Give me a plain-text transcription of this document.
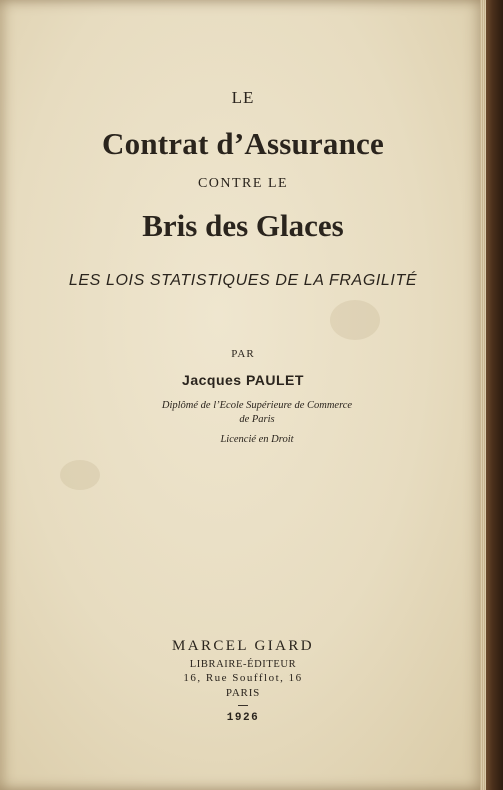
LE
Contrat d’Assurance
CONTRE LE
Bris des Glaces
LES LOIS STATISTIQUES DE LA FRAGILITÉ
PAR
Jacques PAULET
Diplômé de l’Ecole Supérieure de Commerce
de Paris
Licencié en Droit
MARCEL GIARD
LIBRAIRE-ÉDITEUR
16, Rue Soufflot, 16
PARIS
1926
